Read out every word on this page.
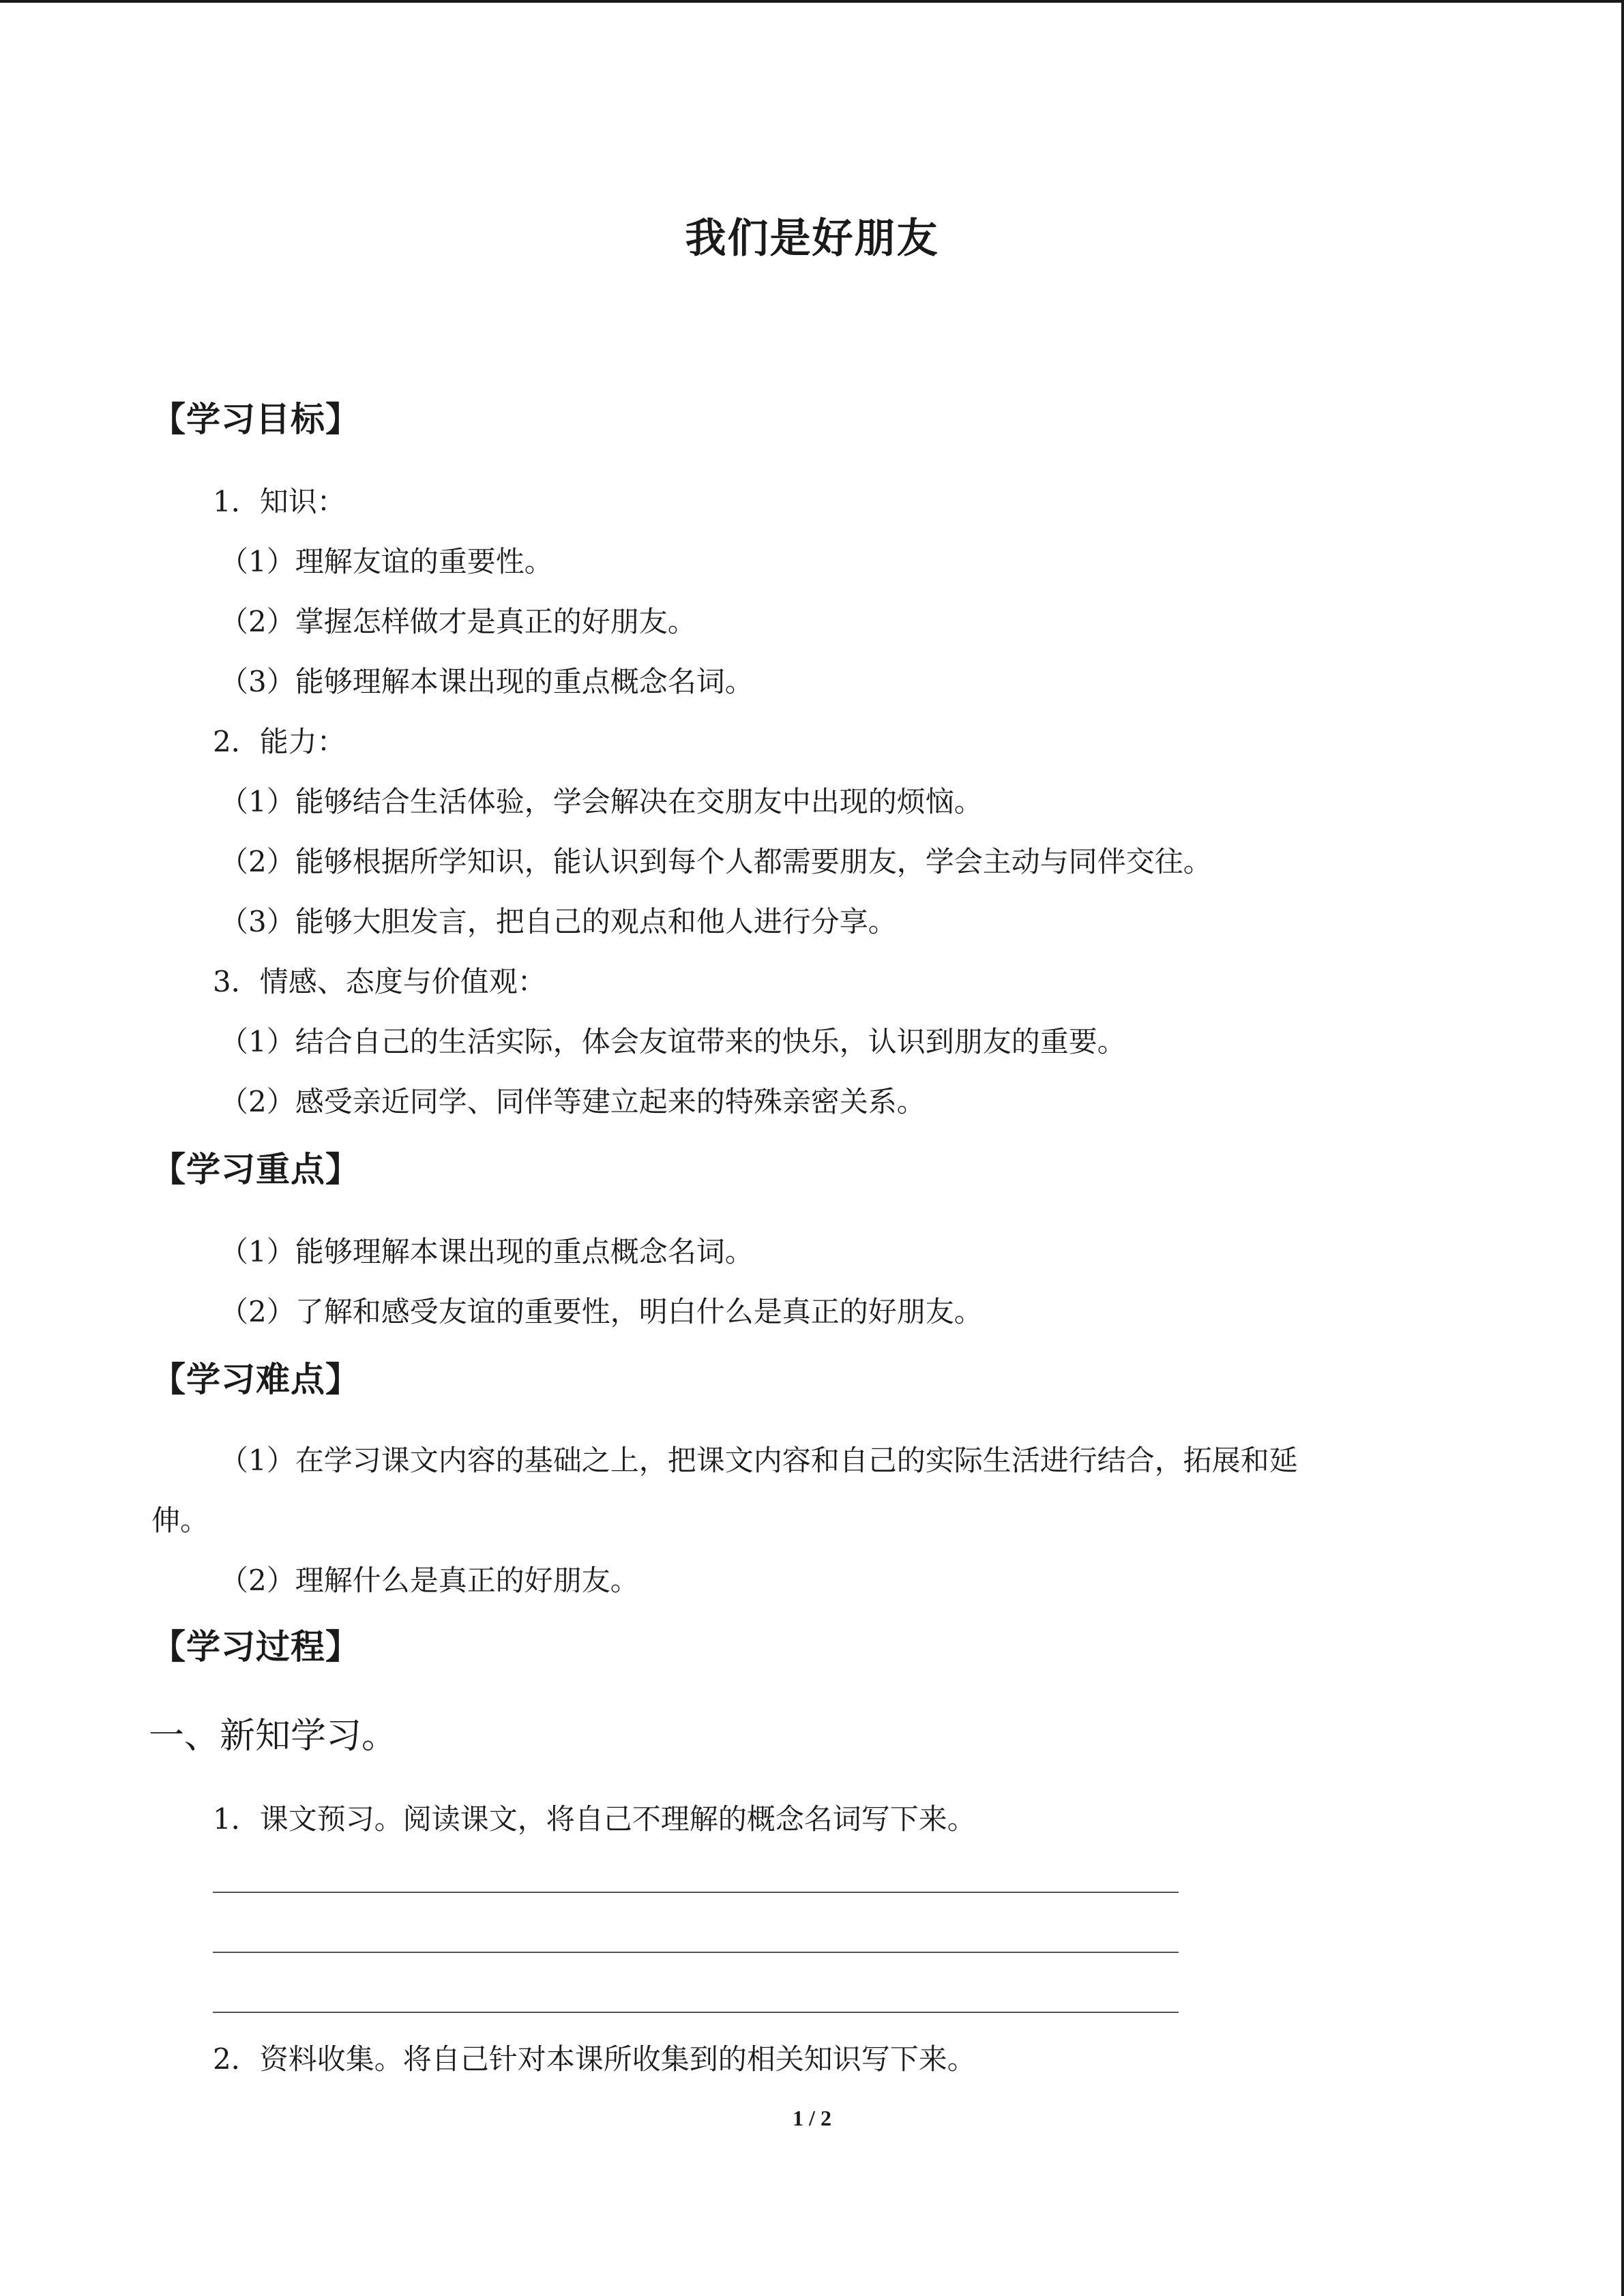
我们是好朋友
【学习目标】
1．知识：
（1）理解友谊的重要性。
（2）掌握怎样做才是真正的好朋友。
（3）能够理解本课出现的重点概念名词。
2．能力：
（1）能够结合生活体验，学会解决在交朋友中出现的烦恼。
（2）能够根据所学知识，能认识到每个人都需要朋友，学会主动与同伴交往。
（3）能够大胆发言，把自己的观点和他人进行分享。
3．情感、态度与价值观：
（1）结合自己的生活实际，体会友谊带来的快乐，认识到朋友的重要。
（2）感受亲近同学、同伴等建立起来的特殊亲密关系。
【学习重点】
（1）能够理解本课出现的重点概念名词。
（2）了解和感受友谊的重要性，明白什么是真正的好朋友。
【学习难点】
（1）在学习课文内容的基础之上，把课文内容和自己的实际生活进行结合，拓展和延
伸。
（2）理解什么是真正的好朋友。
【学习过程】
一、新知学习。
1．课文预习。阅读课文，将自己不理解的概念名词写下来。
2．资料收集。将自己针对本课所收集到的相关知识写下来。
1 / 2
